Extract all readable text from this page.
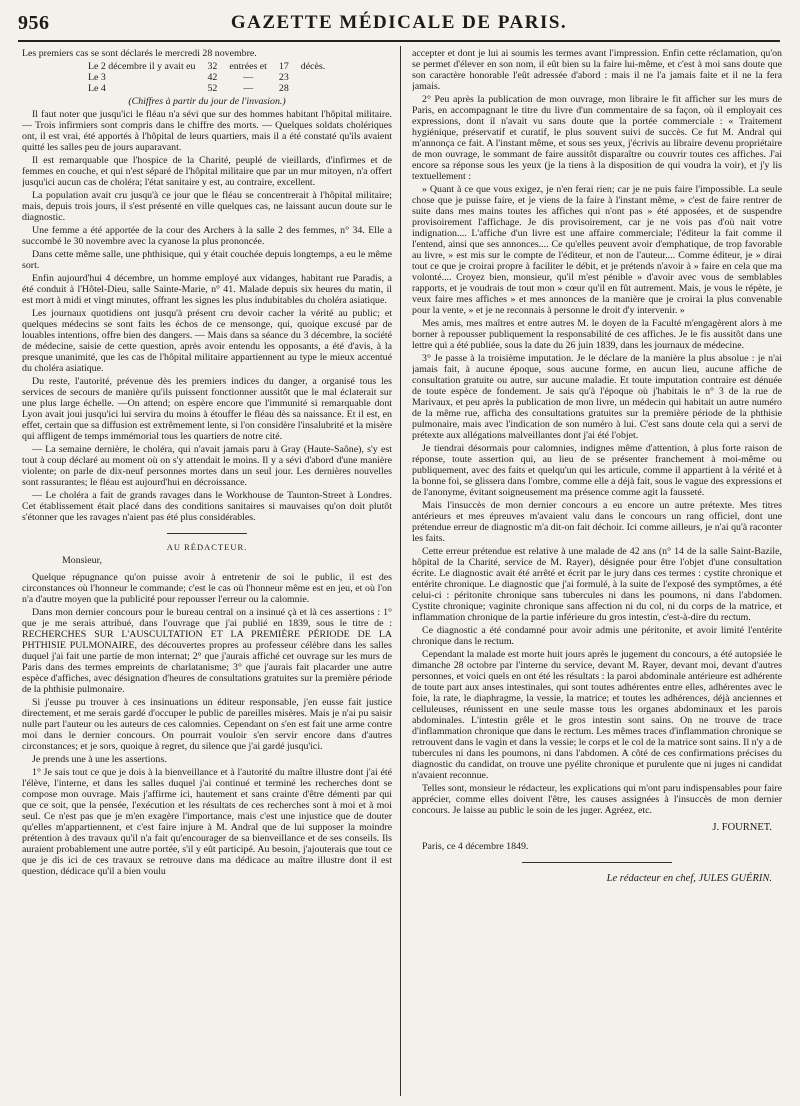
956	GAZETTE MÉDICALE DE PARIS.

Les premiers cas se sont déclarés le mercredi 28 novembre.

Le 2 décembre il y avait eu	32	entrées et	17	décès.
Le 3	42	—	23	
Le 4	52	—	28	

(Chiffres à partir du jour de l'invasion.)

Il faut noter que jusqu'ici le fléau n'a sévi que sur des hommes habitant l'hôpital militaire. — Trois infirmiers sont compris dans le chiffre des morts. — Quelques soldats cholériques ont, il est vrai, été apportés à l'hôpital de leurs quartiers, mais il a été constaté qu'ils avaient quitté les salles peu de jours auparavant.

Il est remarquable que l'hospice de la Charité, peuplé de vieillards, d'infirmes et de femmes en couche, et qui n'est séparé de l'hôpital militaire que par un mur mitoyen, n'a offert jusqu'ici aucun cas de choléra; l'état sanitaire y est, au contraire, excellent.

La population avait cru jusqu'à ce jour que le fléau se concentrerait à l'hôpital militaire; mais, depuis trois jours, il s'est présenté en ville quelques cas, ne laissant aucun doute sur le diagnostic.

Une femme a été apportée de la cour des Archers à la salle 2 des femmes, n° 34. Elle a succombé le 30 novembre avec la cyanose la plus prononcée.

Dans cette même salle, une phthisique, qui y était couchée depuis longtemps, a eu le même sort.

Enfin aujourd'hui 4 décembre, un homme employé aux vidanges, habitant rue Paradis, a été conduit à l'Hôtel-Dieu, salle Sainte-Marie, n° 41. Malade depuis six heures du matin, il est mort à midi et vingt minutes, offrant les signes les plus indubitables du choléra asiatique.

Les journaux quotidiens ont jusqu'à présent cru devoir cacher la vérité au public; et quelques médecins se sont faits les échos de ce mensonge, qui, quoique excusé par de louables intentions, offre bien des dangers. — Mais dans sa séance du 3 décembre, la société de médecine, saisie de cette question, après avoir entendu les opposants, a été d'avis, à la presque unanimité, que les cas de l'hôpital militaire appartiennent au type le mieux accentué du choléra asiatique.

Du reste, l'autorité, prévenue dès les premiers indices du danger, a organisé tous les services de secours de manière qu'ils puissent fonctionner aussitôt que le mal éclaterait sur une plus large échelle. —On attend; on espère encore que l'immunité si remarquable dont Lyon avait joui jusqu'ici lui servira du moins à étouffer le fléau dès sa naissance. Et il est, en effet, certain que sa diffusion est extrêmement lente, si l'on considère l'insalubrité et la misère qui affligent de temps immémorial tous les quartiers de notre cité.

— La semaine dernière, le choléra, qui n'avait jamais paru à Gray (Haute-Saône), s'y est tout à coup déclaré au moment où on s'y attendait le moins. Il y a sévi d'abord d'une manière violente; on parle de dix-neuf personnes mortes dans un seul jour. Les dernières nouvelles sont rassurantes; le fléau est aujourd'hui en décroissance.

— Le choléra a fait de grands ravages dans le Workhouse de Taunton-Street à Londres. Cet établissement était placé dans des conditions sanitaires si mauvaises qu'on doit plutôt s'étonner que les ravages n'aient pas été plus considérables.

AU RÉDACTEUR.

Monsieur,

Quelque répugnance qu'on puisse avoir à entretenir de soi le public, il est des circonstances où l'honneur le commande; c'est le cas où l'honneur même est en jeu, et où l'on n'a d'autre moyen que la publicité pour repousser l'erreur ou la calomnie.

Dans mon dernier concours pour le bureau central on a insinué çà et là ces assertions : 1° que je me serais attribué, dans l'ouvrage que j'ai publié en 1839, sous le titre de : RECHERCHES SUR L'AUSCULTATION ET LA PREMIÈRE PÉRIODE DE LA PHTHISIE PULMONAIRE, des découvertes propres au professeur célèbre dans les salles duquel j'ai fait une partie de mon internat; 2° que j'aurais affiché cet ouvrage sur les murs de Paris dans des termes empreints de charlatanisme; 3° que j'aurais fait placarder une autre espèce d'affiches, avec désignation d'heures de consultations gratuites sur la première période de la phthisie pulmonaire.

Si j'eusse pu trouver à ces insinuations un éditeur responsable, j'en eusse fait justice directement, et me serais gardé d'occuper le public de pareilles misères. Mais je n'ai pu saisir nulle part l'auteur ou les auteurs de ces calomnies. Cependant on s'en est fait une arme contre moi dans le dernier concours. On pourrait vouloir s'en servir encore dans d'autres circonstances; et je sors, quoique à regret, du silence que j'ai gardé jusqu'ici.

Je prends une à une les assertions.

1° Je sais tout ce que je dois à la bienveillance et à l'autorité du maître illustre dont j'ai été l'élève, l'interne, et dans les salles duquel j'ai continué et terminé les recherches dont se compose mon ouvrage. Mais j'affirme ici, hautement et sans crainte d'être démenti par qui que ce soit, que la pensée, l'exécution et les résultats de ces recherches sont à moi et à moi seul. Ce n'est pas que je m'en exagère l'importance, mais c'est une injustice que de douter qu'elles m'appartiennent, et c'est faire injure à M. Andral que de lui supposer la moindre prétention à des travaux qu'il n'a fait qu'encourager de sa bienveillance et de ses conseils. Ils auraient probablement une autre portée, s'il y eût participé. Au besoin, j'ajouterais que tout ce que je dis ici de ces travaux se retrouve dans ma dédicace au maître illustre dont il est question, dédicace qu'il a bien voulu

accepter et dont je lui ai soumis les termes avant l'impression. Enfin cette réclamation, qu'on se permet d'élever en son nom, il eût bien su la faire lui-même, et c'est à moi sans doute que son caractère honorable l'eût adressée d'abord : mais il ne l'a jamais faite et il ne la fera jamais.

2° Peu après la publication de mon ouvrage, mon libraire le fit afficher sur les murs de Paris, en accompagnant le titre du livre d'un commentaire de sa façon, où il employait ces expressions, dont il n'avait vu sans doute que la portée commerciale : « Traitement hygiénique, préservatif et curatif, le plus souvent suivi de succès. Ce fut M. Andral qui m'annonça ce fait. A l'instant même, et sous ses yeux, j'écrivis au libraire devenu propriétaire de mon ouvrage, le sommant de faire aussitôt disparaître ou couvrir toutes ces affiches. J'ai encore sa réponse sous les yeux (je la tiens à la disposition de qui voudra la voir), et j'y lis textuellement :

» Quant à ce que vous exigez, je n'en ferai rien; car je ne puis faire l'impossible. La seule chose que je puisse faire, et je viens de la faire à l'instant même, » c'est de faire rentrer de suite dans mes mains toutes les affiches qui n'ont pas » été apposées, et de suspendre provisoirement l'affichage. Je dis provisoirement, car je ne vois pas d'où nait votre indignation.... L'affiche d'un livre est une affaire commerciale; l'éditeur la fait comme il l'entend, ainsi que ses annonces.... Ce qu'elles peuvent avoir d'emphatique, de trop favorable au livre, » est mis sur le compte de l'éditeur, et non de l'auteur.... Comme éditeur, je » dirai tout ce que je croirai propre à faciliter le débit, et je prétends n'avoir à » faire en cela que ma volonté.... Croyez bien, monsieur, qu'il m'est pénible » d'avoir avec vous de semblables rapports, et je voudrais de tout mon » cœur qu'il en fût autrement. Mais, je vous le répète, je veux faire mes affiches » et mes annonces de la manière que je croirai la plus convenable pour la vente, » et je ne reconnais à personne le droit d'y intervenir. »

Mes amis, mes maîtres et entre autres M. le doyen de la Faculté m'engagèrent alors à me borner à repousser publiquement la responsabilité de ces affiches. Je le fis aussitôt dans une lettre qui a été publiée, sous la date du 26 juin 1839, dans les journaux de médecine.

3° Je passe à la troisième imputation. Je le déclare de la manière la plus absolue : je n'ai jamais fait, à aucune époque, sous aucune forme, en aucun lieu, aucune affiche de consultation gratuite ou autre, sur aucune maladie. Et toute imputation contraire est dénuée de toute espèce de fondement. Je sais qu'à l'époque où j'habitais le n° 3 de la rue de Marivaux, et peu après la publication de mon livre, un médecin qui habitait un autre numéro de la même rue, afficha des consultations gratuites sur la première période de la phthisie pulmonaire, mais avec l'indication de son numéro à lui. C'est sans doute cela qui a servi de prétexte aux allégations malveillantes dont j'ai été l'objet.

Je tiendrai désormais pour calomnies, indignes même d'attention, à plus forte raison de réponse, toute assertion qui, au lieu de se présenter franchement à moi-même ou publiquement, avec des faits et quelqu'un qui les articule, comme il appartient à la vérité et à la bonne foi, se glissera dans l'ombre, comme elle a déjà fait, sous le vague des expressions et de l'anonyme, évitant soigneusement ma présence comme agit la fausseté.

Mais l'insuccès de mon dernier concours a eu encore un autre prétexte. Mes titres antérieurs et mes épreuves m'avaient valu dans le concours un rang officiel, dont une prétendue erreur de diagnostic m'a dit-on fait déchoir. Ici comme ailleurs, je n'ai qu'à raconter les faits.

Cette erreur prétendue est relative à une malade de 42 ans (n° 14 de la salle Saint-Bazile, hôpital de la Charité, service de M. Rayer), désignée pour être l'objet d'une consultation écrite. Le diagnostic avait été arrêté et écrit par le jury dans ces termes : cystite chronique et entérite chronique. Le diagnostic que j'ai formulé, à la suite de l'exposé des symptômes, a été celui-ci : péritonite chronique sans tubercules ni dans les poumons, ni dans l'abdomen. Cystite chronique; vaginite chronique sans affection ni du col, ni du corps de la matrice, et inflammation chronique de la partie inférieure du gros intestin, c'est-à-dire du rectum.

Ce diagnostic a été condamné pour avoir admis une péritonite, et avoir limité l'entérite chronique dans le rectum.

Cependant la malade est morte huit jours après le jugement du concours, a été autopsiée le dimanche 28 octobre par l'interne du service, devant M. Rayer, devant moi, devant d'autres personnes, et voici quels en ont été les résultats : la paroi abdominale antérieure est adhérente de toute part aux anses intestinales, qui sont toutes adhérentes entre elles, adhérentes avec le foie, la rate, le diaphragme, la vessie, la matrice; et toutes les adhérences, déjà anciennes et celluleuses, réunissent en une seule masse tous les organes abdominaux et les parois abdominales. L'intestin grêle et le gros intestin sont sains. On ne trouve de trace d'inflammation chronique que dans le rectum. Les mêmes traces d'inflammation chronique se retrouvent dans le vagin et dans la vessie; le corps et le col de la matrice sont sains. Il n'y a de tubercules ni dans les poumons, ni dans l'abdomen. A côté de ces confirmations précises du diagnostic du candidat, on trouve une pyélite chronique et purulente que ni juges ni candidat n'avaient reconnue.

Telles sont, monsieur le rédacteur, les explications qui m'ont paru indispensables pour faire apprécier, comme elles doivent l'être, les causes assignées à l'insuccès de mon dernier concours. Je laisse au public le soin de les juger. Agréez, etc.

J. FOURNET.

Paris, ce 4 décembre 1849.

Le rédacteur en chef, JULES GUÉRIN.
